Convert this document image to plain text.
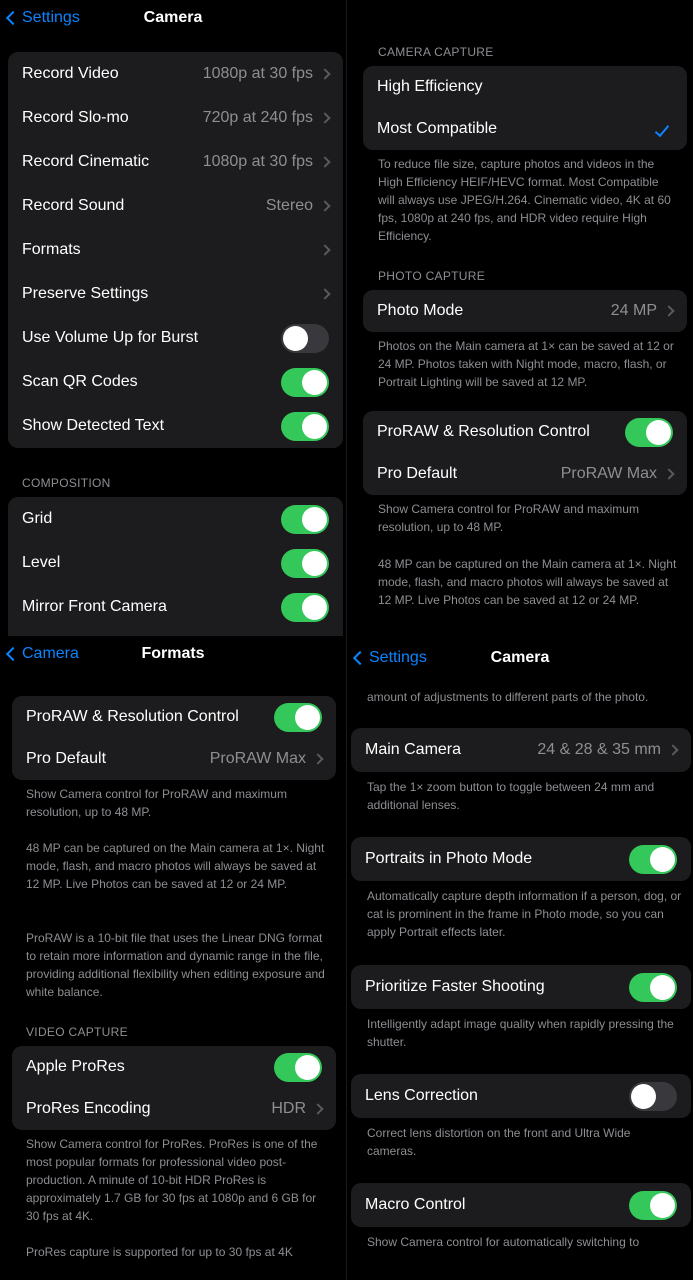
Settings	Camera
Record Video	1080p at 30 fps
Record Slo-mo	720p at 240 fps
Record Cinematic	1080p at 30 fps
Record Sound	Stereo
Formats
Preserve Settings
Use Volume Up for Burst
Scan QR Codes
Show Detected Text
COMPOSITION
Grid
Level
Mirror Front Camera
CAMERA CAPTURE
High Efficiency
Most Compatible
To reduce file size, capture photos and videos in the High Efficiency HEIF/HEVC format. Most Compatible will always use JPEG/H.264. Cinematic video, 4K at 60 fps, 1080p at 240 fps, and HDR video require High Efficiency.
PHOTO CAPTURE
Photo Mode	24 MP
Photos on the Main camera at 1× can be saved at 12 or 24 MP. Photos taken with Night mode, macro, flash, or Portrait Lighting will be saved at 12 MP.
ProRAW & Resolution Control
Pro Default	ProRAW Max
Show Camera control for ProRAW and maximum resolution, up to 48 MP.
48 MP can be captured on the Main camera at 1×. Night mode, flash, and macro photos will always be saved at 12 MP. Live Photos can be saved at 12 or 24 MP.
Camera	Formats
ProRAW & Resolution Control
Pro Default	ProRAW Max
Show Camera control for ProRAW and maximum resolution, up to 48 MP.
48 MP can be captured on the Main camera at 1×. Night mode, flash, and macro photos will always be saved at 12 MP. Live Photos can be saved at 12 or 24 MP.
ProRAW is a 10-bit file that uses the Linear DNG format to retain more information and dynamic range in the file, providing additional flexibility when editing exposure and white balance.
VIDEO CAPTURE
Apple ProRes
ProRes Encoding	HDR
Show Camera control for ProRes. ProRes is one of the most popular formats for professional video post-production. A minute of 10-bit HDR ProRes is approximately 1.7 GB for 30 fps at 1080p and 6 GB for 30 fps at 4K.
ProRes capture is supported for up to 30 fps at 4K
Settings	Camera
amount of adjustments to different parts of the photo.
Main Camera	24 & 28 & 35 mm
Tap the 1× zoom button to toggle between 24 mm and additional lenses.
Portraits in Photo Mode
Automatically capture depth information if a person, dog, or cat is prominent in the frame in Photo mode, so you can apply Portrait effects later.
Prioritize Faster Shooting
Intelligently adapt image quality when rapidly pressing the shutter.
Lens Correction
Correct lens distortion on the front and Ultra Wide cameras.
Macro Control
Show Camera control for automatically switching to
